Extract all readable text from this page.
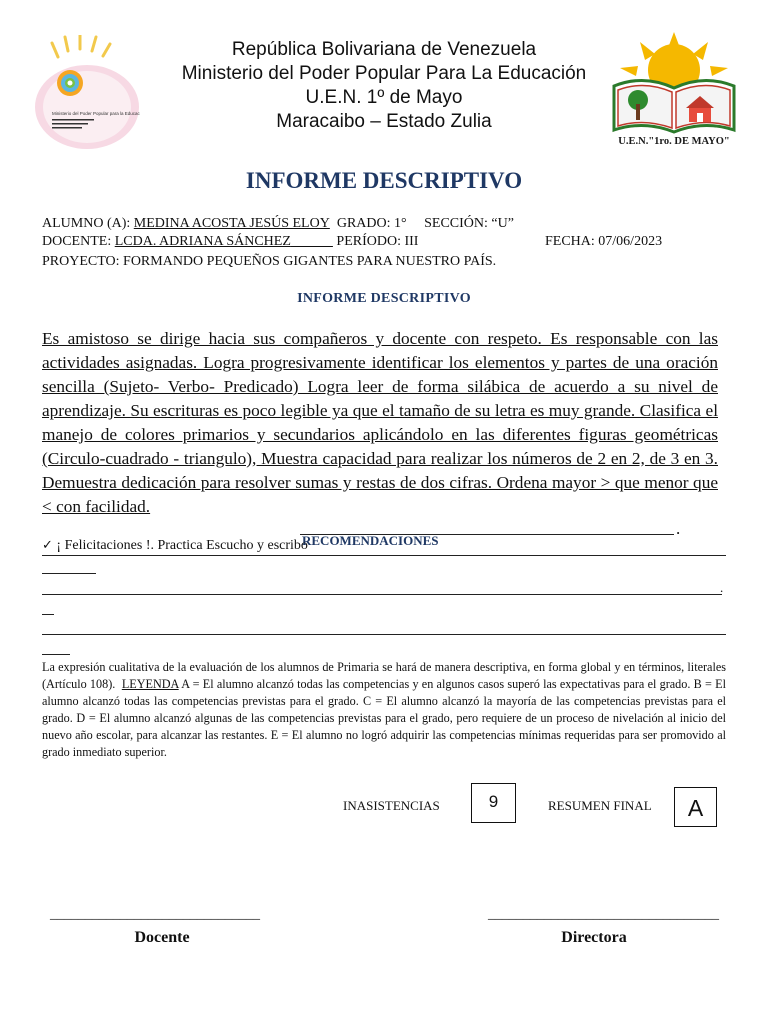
Ministerio del Poder Popular para la Educación
República Bolivariana de Venezuela
Ministerio del Poder Popular Para La Educación
U.E.N. 1º de Mayo
Maracaibo – Estado Zulia
U.E.N."1ro. DE MAYO"
INFORME DESCRIPTIVO
ALUMNO (A): MEDINA ACOSTA JESÚS ELOY GRADO: 1° SECCIÓN: “U”
DOCENTE: LCDA. ADRIANA SÁNCHEZ	PERÍODO: III	FECHA: 07/06/2023
PROYECTO: FORMANDO PEQUEÑOS GIGANTES PARA NUESTRO PAÍS.
INFORME DESCRIPTIVO
Es amistoso se dirige hacia sus compañeros y docente con respeto. Es responsable con las actividades asignadas. Logra progresivamente identificar los elementos y partes de una oración sencilla (Sujeto- Verbo- Predicado) Logra leer de forma silábica de acuerdo a su nivel de aprendizaje. Su escrituras es poco legible ya que el tamaño de su letra es muy grande. Clasifica el manejo de colores primarios y secundarios aplicándolo en las diferentes figuras geométricas (Circulo-cuadrado - triangulo), Muestra capacidad para realizar los números de 2 en 2, de 3 en 3. Demuestra dedicación para resolver sumas y restas de dos cifras. Ordena mayor > que menor que < con facilidad.
.
RECOMENDACIONES
✓ ¡ Felicitaciones !. Practica Escucho y escribo
.
La expresión cualitativa de la evaluación de los alumnos de Primaria se hará de manera descriptiva, en forma global y en términos, literales (Artículo 108). LEYENDA A = El alumno alcanzó todas las competencias y en algunos casos superó las expectativas para el grado. B = El alumno alcanzó todas las competencias previstas para el grado. C = El alumno alcanzó la mayoría de las competencias previstas para el grado. D = El alumno alcanzó algunas de las competencias previstas para el grado, pero requiere de un proceso de nivelación al inicio del nuevo año escolar, para alcanzar las restantes. E = El alumno no logró adquirir las competencias mínimas requeridas para ser promovido al grado inmediato superior.
INASISTENCIAS	9	RESUMEN FINAL	A
______________________________
Docente
_________________________________
Directora
